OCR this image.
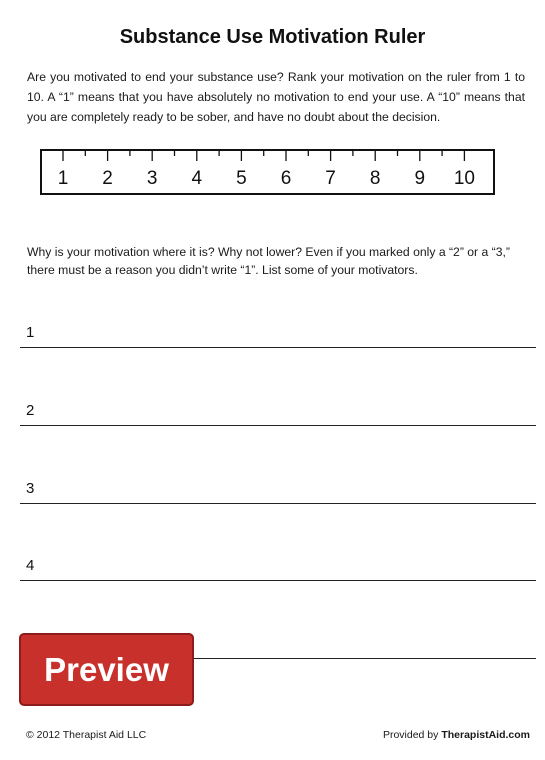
Substance Use Motivation Ruler
Are you motivated to end your substance use? Rank your motivation on the ruler from 1 to 10. A “1” means that you have absolutely no motivation to end your use. A “10” means that you are completely ready to be sober, and have no doubt about the decision.
1 2 3 4 5 6 7 8 9 10
Why is your motivation where it is? Why not lower? Even if you marked only a “2” or a “3,” there must be a reason you didn’t write “1”. List some of your motivators.
1
2
3
4
Preview
© 2012 Therapist Aid LLC	Provided by TherapistAid.com
